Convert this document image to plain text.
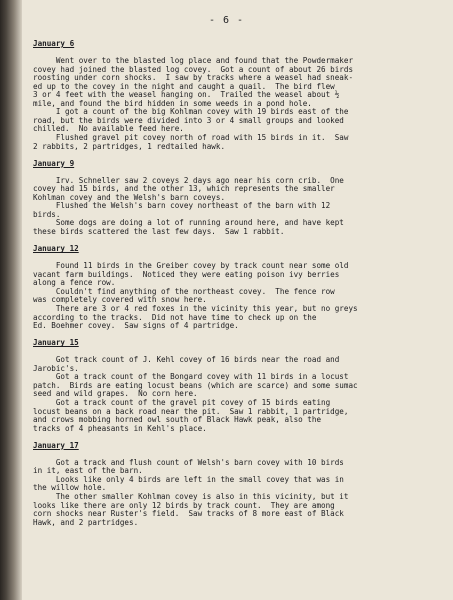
- 6 -
January 6
Went over to the blasted log place and found that the Powdermaker
covey had joined the blasted log covey.  Got a count of about 26 birds
roosting under corn shocks.  I saw by tracks where a weasel had sneak-
ed up to the covey in the night and caught a quail.  The bird flew
3 or 4 feet with the weasel hanging on.  Trailed the weasel about ½
mile, and found the bird hidden in some weeds in a pond hole.
I got a count of the big Kohlman covey with 19 birds east of the
road, but the birds were divided into 3 or 4 small groups and looked
chilled.  No available feed here.
Flushed gravel pit covey north of road with 15 birds in it.  Saw
2 rabbits, 2 partridges, 1 redtailed hawk.
January 9
Irv. Schneller saw 2 coveys 2 days ago near his corn crib.  One
covey had 15 birds, and the other 13, which represents the smaller
Kohlman covey and the Welsh's barn coveys.
Flushed the Welsh's barn covey northeast of the barn with 12
birds.
Some dogs are doing a lot of running around here, and have kept
these birds scattered the last few days.  Saw 1 rabbit.
January 12
Found 11 birds in the Greiber covey by track count near some old
vacant farm buildings.  Noticed they were eating poison ivy berries
along a fence row.
Couldn't find anything of the northeast covey.  The fence row
was completely covered with snow here.
There are 3 or 4 red foxes in the vicinity this year, but no greys
according to the tracks.  Did not have time to check up on the
Ed. Boehmer covey.  Saw signs of 4 partridge.
January 15
Got track count of J. Kehl covey of 16 birds near the road and
Jarobic's.
Got a track count of the Bongard covey with 11 birds in a locust
patch.  Birds are eating locust beans (which are scarce) and some sumac
seed and wild grapes.  No corn here.
Got a track count of the gravel pit covey of 15 birds eating
locust beans on a back road near the pit.  Saw 1 rabbit, 1 partridge,
and crows mobbing horned owl south of Black Hawk peak, also the
tracks of 4 pheasants in Kehl's place.
January 17
Got a track and flush count of Welsh's barn covey with 10 birds
in it, east of the barn.
Looks like only 4 birds are left in the small covey that was in
the willow hole.
The other smaller Kohlman covey is also in this vicinity, but it
looks like there are only 12 birds by track count.  They are among
corn shocks near Ruster's field.  Saw tracks of 8 more east of Black
Hawk, and 2 partridges.
